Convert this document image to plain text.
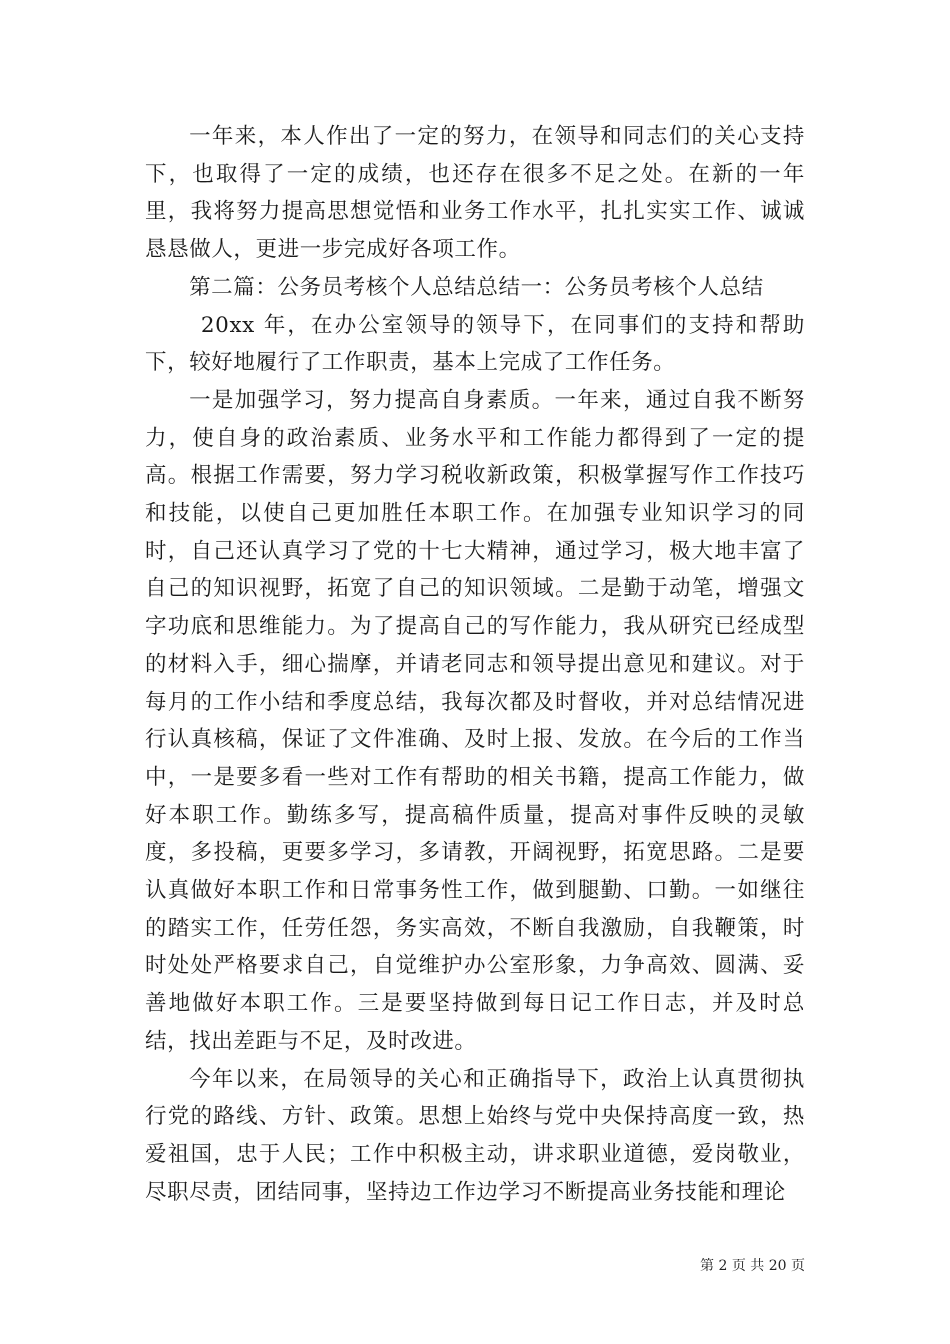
一年来，本人作出了一定的努力，在领导和同志们的关心支持下，也取得了一定的成绩，也还存在很多不足之处。在新的一年里，我将努力提高思想觉悟和业务工作水平，扎扎实实工作、诚诚恳恳做人，更进一步完成好各项工作。

第二篇：公务员考核个人总结总结一：公务员考核个人总结

20xx 年，在办公室领导的领导下，在同事们的支持和帮助下，较好地履行了工作职责，基本上完成了工作任务。

一是加强学习，努力提高自身素质。一年来，通过自我不断努力，使自身的政治素质、业务水平和工作能力都得到了一定的提高。根据工作需要，努力学习税收新政策，积极掌握写作工作技巧和技能，以使自己更加胜任本职工作。在加强专业知识学习的同时，自己还认真学习了党的十七大精神，通过学习，极大地丰富了自己的知识视野，拓宽了自己的知识领域。二是勤于动笔，增强文字功底和思维能力。为了提高自己的写作能力，我从研究已经成型的材料入手，细心揣摩，并请老同志和领导提出意见和建议。对于每月的工作小结和季度总结，我每次都及时督收，并对总结情况进行认真核稿，保证了文件准确、及时上报、发放。在今后的工作当中，一是要多看一些对工作有帮助的相关书籍，提高工作能力，做好本职工作。勤练多写，提高稿件质量，提高对事件反映的灵敏度，多投稿，更要多学习，多请教，开阔视野，拓宽思路。二是要认真做好本职工作和日常事务性工作，做到腿勤、口勤。一如继往的踏实工作，任劳任怨，务实高效，不断自我激励，自我鞭策，时时处处严格要求自己，自觉维护办公室形象，力争高效、圆满、妥善地做好本职工作。三是要坚持做到每日记工作日志，并及时总结，找出差距与不足，及时改进。

今年以来，在局领导的关心和正确指导下，政治上认真贯彻执行党的路线、方针、政策。思想上始终与党中央保持高度一致，热爱祖国，忠于人民；工作中积极主动，讲求职业道德，爱岗敬业，尽职尽责，团结同事，坚持边工作边学习不断提高业务技能和理论

第 2 页 共 20 页
